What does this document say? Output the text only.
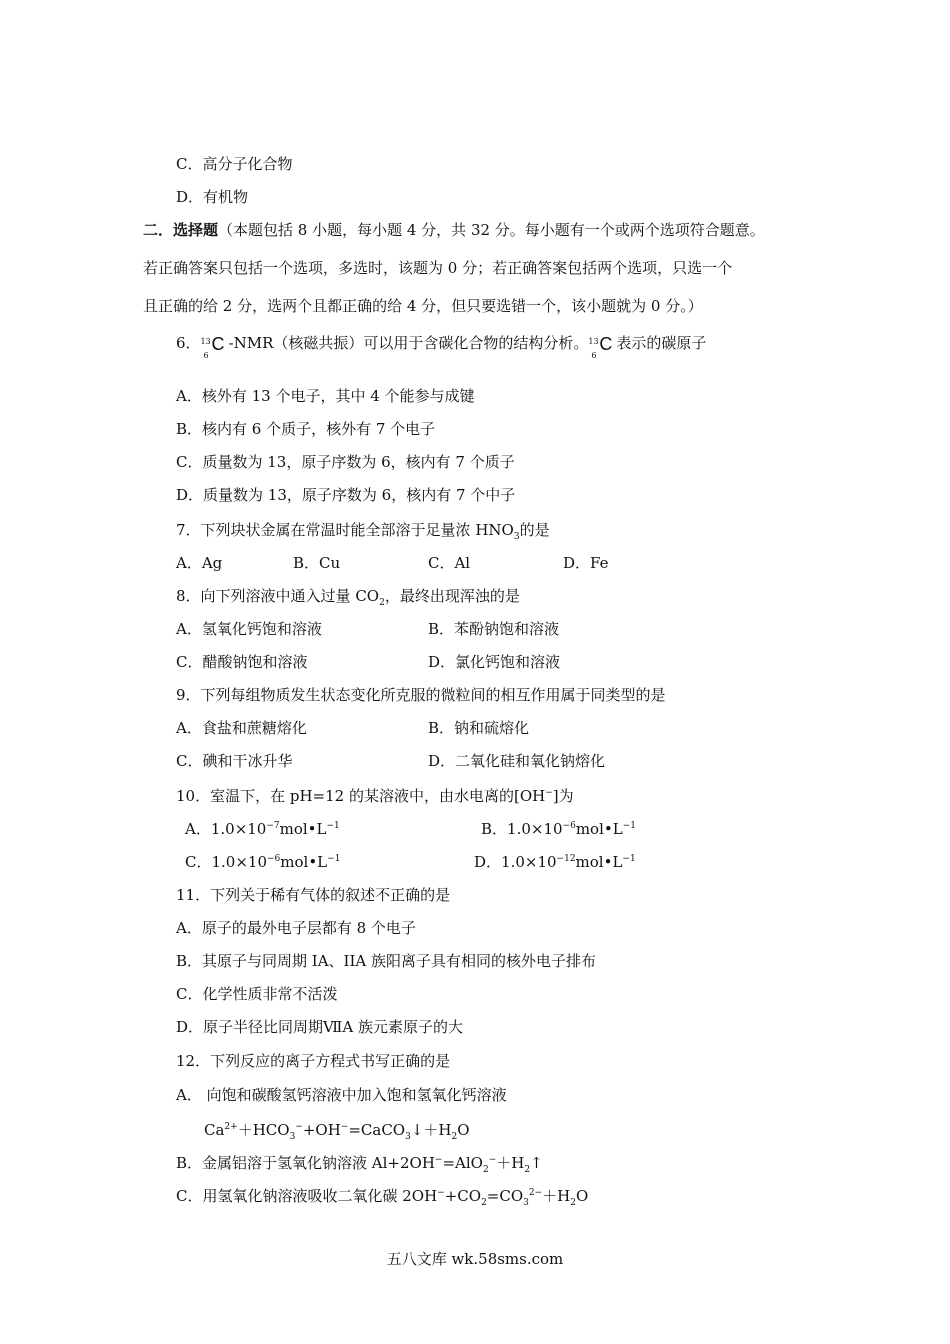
C．高分子化合物
D．有机物
二．选择题（本题包括 8 小题，每小题 4 分，共 32 分。每小题有一个或两个选项符合题意。
若正确答案只包括一个选项，多选时，该题为 0 分；若正确答案包括两个选项，只选一个
且正确的给 2 分，选两个且都正确的给 4 分，但只要选错一个，该小题就为 0 分。）
6． 13
6
C -NMR（核磁共振）可以用于含碳化合物的结构分析。 13
6
C 表示的碳原子
A．核外有 13 个电子，其中 4 个能参与成键
B．核内有 6 个质子，核外有 7 个电子
C．质量数为 13，原子序数为 6，核内有 7 个质子
D．质量数为 13，原子序数为 6，核内有 7 个中子
7．下列块状金属在常温时能全部溶于足量浓 $HNO_3$的是
A．Ag	B．Cu	C．Al	D．Fe
8．向下列溶液中通入过量 $CO_2$，最终出现浑浊的是
A．氢氧化钙饱和溶液	B．苯酚钠饱和溶液
C．醋酸钠饱和溶液	D．氯化钙饱和溶液
9．下列每组物质发生状态变化所克服的微粒间的相互作用属于同类型的是
A．食盐和蔗糖熔化	B．钠和硫熔化
C．碘和干冰升华	D．二氧化硅和氧化钠熔化
10．室温下，在 pH=12 的某溶液中，由水电离的[OH−]为
A．$1.0\times 10^{-7}mol•L^{-1}$	B．$1.0\times 10^{-6}mol•L^{-1}$
C．$1.0\times 10^{-6}mol•L^{-1}$	D．$1.0\times 10^{-12}mol•L^{-1}$
11．下列关于稀有气体的叙述不正确的是
A．原子的最外电子层都有 8 个电子
B．其原子与同周期 IA、IIA 族阳离子具有相同的核外电子排布
C．化学性质非常不活泼
D．原子半径比同周期ⅦA 族元素原子的大
12．下列反应的离子方程式书写正确的是
A． 向饱和碳酸氢钙溶液中加入饱和氢氧化钙溶液
$Ca^{2+}+HCO_3^-+OH^-=CaCO_3↓+H_2O$
B．金属铝溶于氢氧化钠溶液 $Al+2OH^-=AlO_2^-+H_2↑$
C．用氢氧化钠溶液吸收二氧化碳 $2OH^-+CO_2=CO_3^{2-}+H_2O$
五八文库 wk.58sms.com
